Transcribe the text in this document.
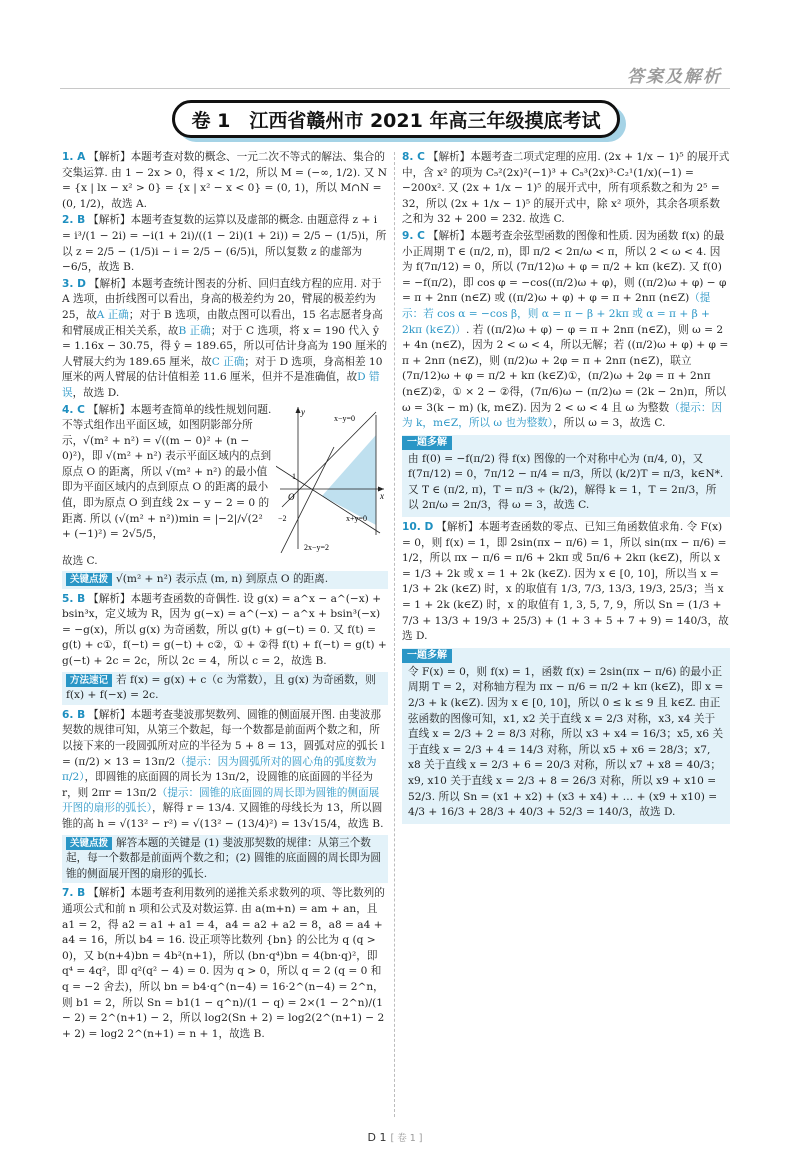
答案及解析
卷 1　江西省赣州市 2021 年高三年级摸底考试

1. A 【解析】本题考查对数的概念、一元二次不等式的解法、集合的交集运算. 由 1 − 2x > 0，得 x < 1/2，所以 M = (−∞, 1/2). 又 N = {x | lx − x² > 0} = {x | x² − x < 0} = (0, 1)，所以 M∩N = (0, 1/2)，故选 A.

2. B 【解析】本题考查复数的运算以及虚部的概念. 由题意得 z + i = i³/(1 − 2i) = −i(1 + 2i)/((1 − 2i)(1 + 2i)) = 2/5 − (1/5)i，所以 z = 2/5 − (1/5)i − i = 2/5 − (6/5)i，所以复数 z 的虚部为 −6/5，故选 B.

3. D 【解析】本题考查统计图表的分析、回归直线方程的应用. 对于 A 选项，由折线图可以看出，身高的极差约为 20，臂展的极差约为 25，故A 正确；对于 B 选项，由散点图可以看出，15 名志愿者身高和臂展成正相关关系，故B 正确；对于 C 选项，将 x = 190 代入 ŷ = 1.16x − 30.75，得 ŷ = 189.65，所以可估计身高为 190 厘米的人臂展大约为 189.65 厘米，故C 正确；对于 D 选项，身高相差 10 厘米的两人臂展的估计值相差 11.6 厘米，但并不是准确值，故D 错误，故选 D.

4. C 【解析】本题考查简单的线性规划问题. 不等式组作出平面区域，如图阴影部分所示，√(m² + n²) = √((m − 0)² + (n − 0)²)，即 √(m² + n²) 表示平面区域内的点到原点 O 的距离，所以 √(m² + n²) 的最小值即为平面区域内的点到原点 O 的距离的最小值，即为原点 O 到直线 2x − y − 2 = 0 的距离. 所以 (√(m² + n²))min = |−2|/√(2² + (−1)²) = 2√5/5，

y
x
O
1
−2
x−y=0
x+y=0
2x−y=2

故选 C.

关键点拨 √(m² + n²) 表示点 (m, n) 到原点 O 的距离.

5. B 【解析】本题考查函数的奇偶性. 设 g(x) = a^x − a^(−x) + bsin³x，定义域为 R，因为 g(−x) = a^(−x) − a^x + bsin³(−x) = −g(x)，所以 g(x) 为奇函数，所以 g(t) + g(−t) = 0. 又 f(t) = g(t) + c①，f(−t) = g(−t) + c②，① + ②得 f(t) + f(−t) = g(t) + g(−t) + 2c = 2c，所以 2c = 4，所以 c = 2，故选 B.

方法速记 若 f(x) = g(x) + c（c 为常数），且 g(x) 为奇函数，则 f(x) + f(−x) = 2c.

6. B 【解析】本题考查斐波那契数列、圆锥的侧面展开图. 由斐波那契数的规律可知，从第三个数起，每一个数都是前面两个数之和，所以接下来的一段圆弧所对应的半径为 5 + 8 = 13，圆弧对应的弧长 l = (π/2) × 13 = 13π/2（提示：因为圆弧所对的圆心角的弧度数为 π/2），即圆锥的底面圆的周长为 13π/2，设圆锥的底面圆的半径为 r，则 2πr = 13π/2（提示：圆锥的底面圆的周长即为圆锥的侧面展开图的扇形的弧长），解得 r = 13/4. 又圆锥的母线长为 13，所以圆锥的高 h = √(13² − r²) = √(13² − (13/4)²) = 13√15/4，故选 B.

关键点拨 解答本题的关键是 (1) 斐波那契数的规律：从第三个数起，每一个数都是前面两个数之和；(2) 圆锥的底面圆的周长即为圆锥的侧面展开图的扇形的弧长.

7. B 【解析】本题考查利用数列的递推关系求数列的项、等比数列的通项公式和前 n 项和公式及对数运算. 由 a(m+n) = am + an，且 a1 = 2，得 a2 = a1 + a1 = 4，a4 = a2 + a2 = 8，a8 = a4 + a4 = 16，所以 b4 = 16. 设正项等比数列 {bn} 的公比为 q (q > 0)，又 b(n+4)bn = 4b²(n+1)，所以 (bn·q⁴)bn = 4(bn·q)²，即 q⁴ = 4q²，即 q²(q² − 4) = 0. 因为 q > 0，所以 q = 2 (q = 0 和 q = −2 舍去)，所以 bn = b4·q^(n−4) = 16·2^(n−4) = 2^n，则 b1 = 2，所以 Sn = b1(1 − q^n)/(1 − q) = 2×(1 − 2^n)/(1 − 2) = 2^(n+1) − 2，所以 log2(Sn + 2) = log2(2^(n+1) − 2 + 2) = log2 2^(n+1) = n + 1，故选 B.

8. C 【解析】本题考查二项式定理的应用. (2x + 1/x − 1)⁵ 的展开式中，含 x² 的项为 C₅²(2x)²(−1)³ + C₅³(2x)³·C₂¹(1/x)(−1) = −200x². 又 (2x + 1/x − 1)⁵ 的展开式中，所有项系数之和为 2⁵ = 32，所以 (2x + 1/x − 1)⁵ 的展开式中，除 x² 项外，其余各项系数之和为 32 + 200 = 232. 故选 C.

9. C 【解析】本题考查余弦型函数的图像和性质. 因为函数 f(x) 的最小正周期 T ∈ (π/2, π)，即 π/2 < 2π/ω < π，所以 2 < ω < 4. 因为 f(7π/12) = 0，所以 (7π/12)ω + φ = π/2 + kπ (k∈Z). 又 f(0) = −f(π/2)，即 cos φ = −cos((π/2)ω + φ)，则 ((π/2)ω + φ) − φ = π + 2nπ (n∈Z) 或 ((π/2)ω + φ) + φ = π + 2nπ (n∈Z)（提示：若 cos α = −cos β，则 α = π − β + 2kπ 或 α = π + β + 2kπ (k∈Z)）. 若 ((π/2)ω + φ) − φ = π + 2nπ (n∈Z)，则 ω = 2 + 4n (n∈Z)，因为 2 < ω < 4，所以无解；若 ((π/2)ω + φ) + φ = π + 2nπ (n∈Z)，则 (π/2)ω + 2φ = π + 2nπ (n∈Z)，联立 (7π/12)ω + φ = π/2 + kπ (k∈Z)①，(π/2)ω + 2φ = π + 2nπ (n∈Z)②，① × 2 − ②得，(7π/6)ω − (π/2)ω = (2k − 2n)π，所以 ω = 3(k − m) (k, m∈Z). 因为 2 < ω < 4 且 ω 为整数（提示：因为 k，m∈Z，所以 ω 也为整数），所以 ω = 3，故选 C.

一题多解

由 f(0) = −f(π/2) 得 f(x) 图像的一个对称中心为 (π/4, 0)，又 f(7π/12) = 0，7π/12 − π/4 = π/3，所以 (k/2)T = π/3，k∈N*. 又 T ∈ (π/2, π)，T = π/3 ÷ (k/2)，解得 k = 1，T = 2π/3，所以 2π/ω = 2π/3，得 ω = 3，故选 C.

10. D 【解析】本题考查函数的零点、已知三角函数值求角. 令 F(x) = 0，则 f(x) = 1，即 2sin(πx − π/6) = 1，所以 sin(πx − π/6) = 1/2，所以 πx − π/6 = π/6 + 2kπ 或 5π/6 + 2kπ (k∈Z)，所以 x = 1/3 + 2k 或 x = 1 + 2k (k∈Z). 因为 x ∈ [0, 10]，所以当 x = 1/3 + 2k (k∈Z) 时，x 的取值有 1/3, 7/3, 13/3, 19/3, 25/3；当 x = 1 + 2k (k∈Z) 时，x 的取值有 1, 3, 5, 7, 9，所以 Sn = (1/3 + 7/3 + 13/3 + 19/3 + 25/3) + (1 + 3 + 5 + 7 + 9) = 140/3，故选 D.

一题多解

令 F(x) = 0，则 f(x) = 1，函数 f(x) = 2sin(πx − π/6) 的最小正周期 T = 2，对称轴方程为 πx − π/6 = π/2 + kπ (k∈Z)，即 x = 2/3 + k (k∈Z). 因为 x ∈ [0, 10]，所以 0 ≤ k ≤ 9 且 k∈Z. 由正弦函数的图像可知，x1, x2 关于直线 x = 2/3 对称，x3, x4 关于直线 x = 2/3 + 2 = 8/3 对称，所以 x3 + x4 = 16/3；x5, x6 关于直线 x = 2/3 + 4 = 14/3 对称，所以 x5 + x6 = 28/3；x7, x8 关于直线 x = 2/3 + 6 = 20/3 对称，所以 x7 + x8 = 40/3；x9, x10 关于直线 x = 2/3 + 8 = 26/3 对称，所以 x9 + x10 = 52/3. 所以 Sn = (x1 + x2) + (x3 + x4) + … + (x9 + x10) = 4/3 + 16/3 + 28/3 + 40/3 + 52/3 = 140/3，故选 D.

D 1 [ 卷 1 ]
